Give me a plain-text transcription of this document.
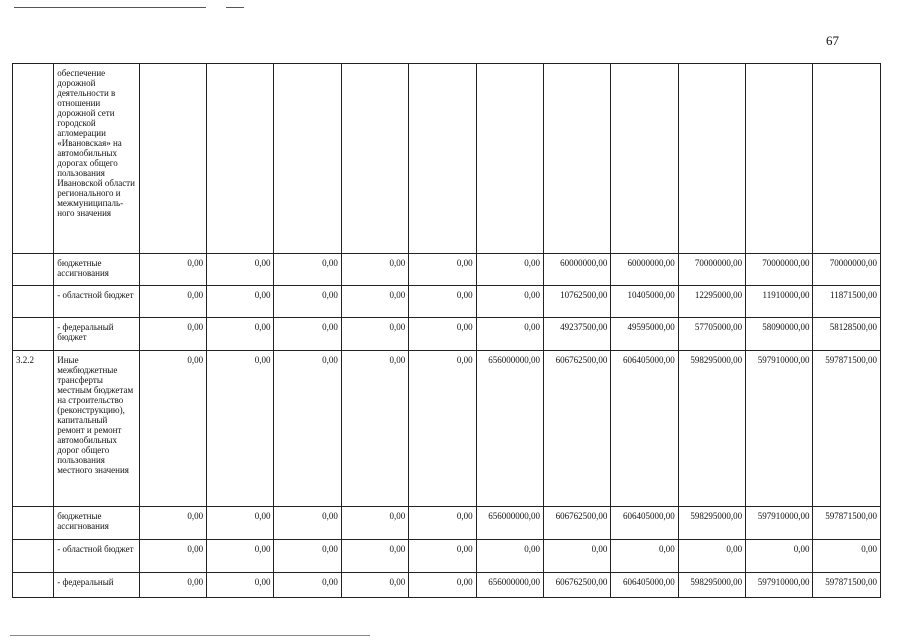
67
	обеспечение дорожной деятельности в отношении дорожной сети городской агломерации «Ивановская» на автомобильных дорогах общего пользования Ивановской области регионального и межмуниципаль-ного значения											
	бюджетные ассигнования	0,00	0,00	0,00	0,00	0,00	0,00	60000000,00	60000000,00	70000000,00	70000000,00	70000000,00
	- областной бюджет	0,00	0,00	0,00	0,00	0,00	0,00	10762500,00	10405000,00	12295000,00	11910000,00	11871500,00
	- федеральный бюджет	0,00	0,00	0,00	0,00	0,00	0,00	49237500,00	49595000,00	57705000,00	58090000,00	58128500,00
3.2.2	Иные межбюджетные трансферты местным бюджетам на строительство (реконструкцию), капитальный ремонт и ремонт автомобильных дорог общего пользования местного значения	0,00	0,00	0,00	0,00	0,00	656000000,00	606762500,00	606405000,00	598295000,00	597910000,00	597871500,00
	бюджетные ассигнования	0,00	0,00	0,00	0,00	0,00	656000000,00	606762500,00	606405000,00	598295000,00	597910000,00	597871500,00
	- областной бюджет	0,00	0,00	0,00	0,00	0,00	0,00	0,00	0,00	0,00	0,00	0,00
	- федеральный	0,00	0,00	0,00	0,00	0,00	656000000,00	606762500,00	606405000,00	598295000,00	597910000,00	597871500,00
